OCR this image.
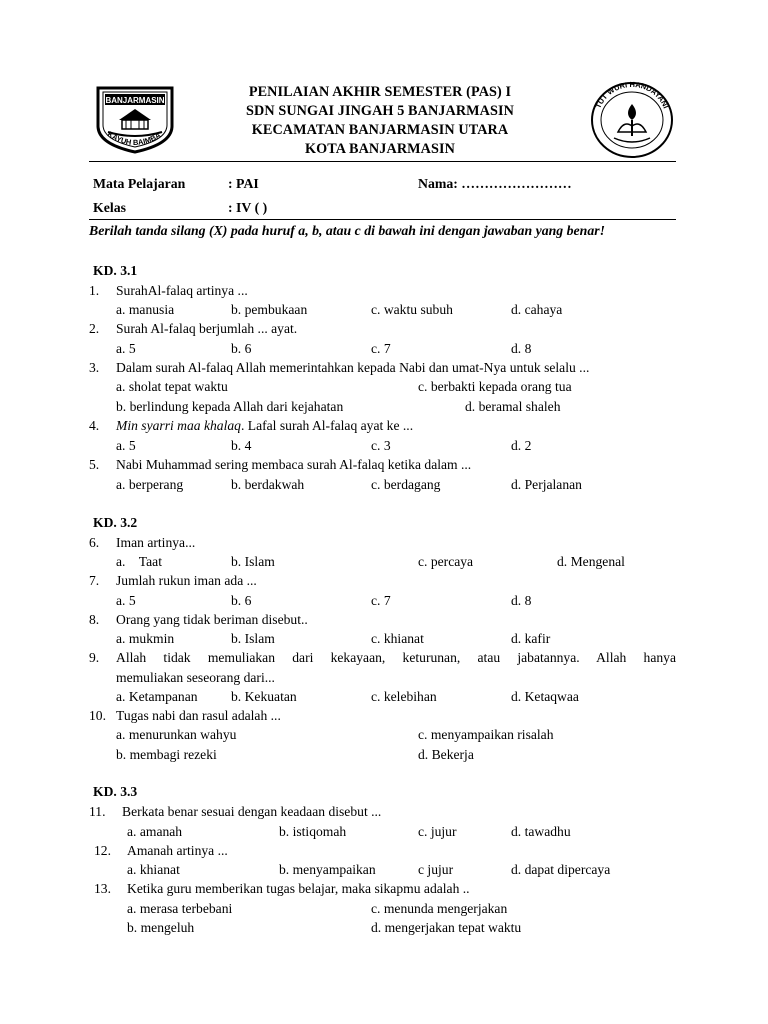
BANJARMASIN
KAYUH BAIMBA
TUT WURI HANDAYANI
PENILAIAN AKHIR SEMESTER (PAS) I
SDN SUNGAI JINGAH 5 BANJARMASIN
KECAMATAN BANJARMASIN UTARA
KOTA BANJARMASIN
Mata Pelajaran	: PAI	Nama: ……………………
Kelas	: IV ( )
Berilah tanda silang (X) pada huruf a, b, atau c di bawah ini dengan jawaban yang benar!
KD. 3.1
1. SurahAl-falaq artinya ...
a. manusia	b. pembukaan	c. waktu subuh	d. cahaya
2. Surah Al-falaq berjumlah ... ayat.
a. 5	b. 6	c. 7	d. 8
3. Dalam surah Al-falaq Allah memerintahkan kepada Nabi dan umat-Nya untuk selalu ...
a. sholat tepat waktu	c. berbakti kepada orang tua
b. berlindung kepada Allah dari kejahatan	d. beramal shaleh
4. Min syarri maa khalaq. Lafal surah Al-falaq ayat ke ...
a. 5	b. 4	c. 3	d. 2
5. Nabi Muhammad sering membaca surah Al-falaq ketika dalam ...
a. berperang	b. berdakwah	c. berdagang	d. Perjalanan
KD. 3.2
6. Iman artinya...
a.    Taat	b. Islam	c. percaya	d. Mengenal
7. Jumlah rukun iman ada ...
a. 5	b. 6	c. 7	d. 8
8. Orang yang tidak beriman disebut..
a. mukmin	b. Islam	c. khianat	d. kafir
9. Allah tidak memuliakan dari kekayaan, keturunan, atau jabatannya. Allah hanya
memuliakan seseorang dari...
a. Ketampanan b. Kekuatan	c. kelebihan	d. Ketaqwaa
10. Tugas nabi dan rasul adalah ...
a. menurunkan wahyu	c. menyampaikan risalah
b. membagi rezeki	d. Bekerja
KD. 3.3
11. Berkata benar sesuai dengan keadaan disebut ...
a. amanah	b. istiqomah	c. jujur	d. tawadhu
12. Amanah artinya ...
a. khianat	b. menyampaikan	c jujur	d. dapat dipercaya
13. Ketika guru memberikan tugas belajar, maka sikapmu adalah ..
a. merasa terbebani	c. menunda mengerjakan
b. mengeluh	d. mengerjakan tepat waktu
